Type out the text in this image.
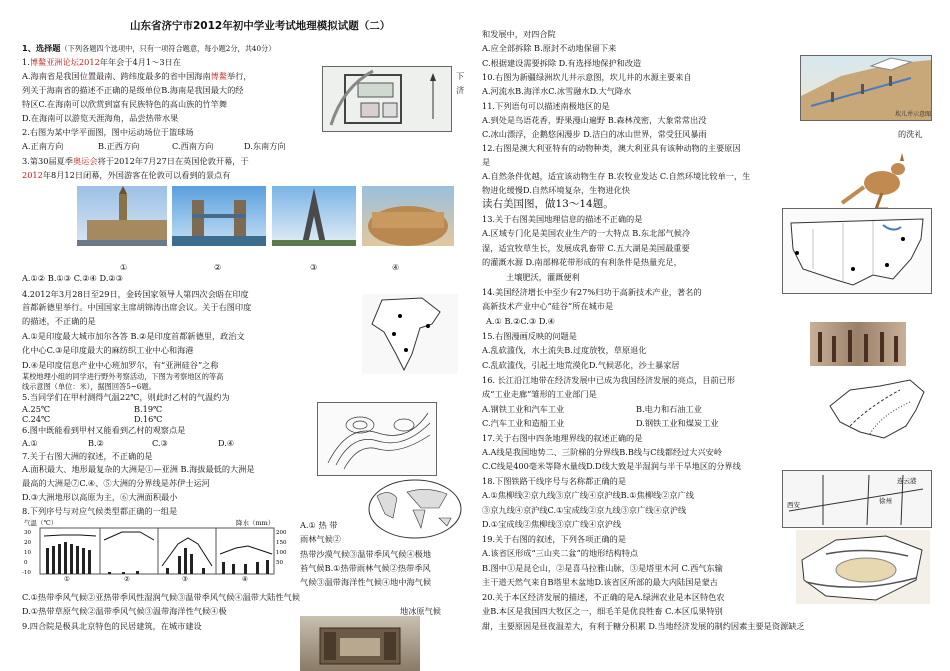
山东省济宁市2012年初中学业考试地理模拟试题（二）
1、选择题（下列各题四个选项中，只有一项符合题意，每小题2分，共40分）
1.博鳌亚洲论坛2012年年会于4月1～3日在
A.海南省是我国位置最南、跨纬度最多的省中国海南博鳌举行，	下
列关于海南省的描述不正确的是级单位B.海南是我国最大的经	济
特区C.在海南可以欣赏到富有民族特色的高山族的竹竿舞
D.在海南可以游览天涯海角，品尝热带水果
2.右图为某中学平面图，图中运动场位于篮球场
A.正南方向	B.正西方向	C.西南方向	D.东南方向
3.第30届夏季奥运会将于2012年7月27日在英国伦敦开幕，于
2012年8月12日闭幕，外国游客在伦敦可以看到的景点有
①	②	③	④
A.①② B.①③ C.②④ D.②③
4.2012年3月28日至29日，金砖国家领导人第四次会晤在印度
首都新德里举行。中国国家主席胡锦涛出席会议。关于右图印度
的描述，不正确的是
A.①是印度最大城市加尔各答 B.②是印度首都新德里，政治文
化中心C.③是印度最大的麻纺织工业中心和海港
D.④是印度信息产业中心班加罗尔，有“亚洲硅谷”之称
某校地理小组的同学进行野外考察活动，下图为考察地区的等高
线示意图（单位：米），据图回答5~6题。
5.当同学们在甲村测得气温22℃，则此时乙村的气温约为
A.25℃	B.19℃
C.24℃	D.16℃
6.图中既能看到甲村又能看到乙村的观察点是
A.①	B.②	C.③	D.④
7.关于右图大洲的叙述，不正确的是
A.面积最大、地形最复杂的大洲是①—亚洲 B.海拔最低的大洲是
最高的大洲是⑦C.④、⑤大洲的分界线是苏伊士运河
D.③大洲地形以高原为主，⑥大洲面积最小
8.下列序号与对应气候类型都正确的一组是
气温（℃）	降水（mm）
30
20
10
0
-10
200
150
100
50
①	②	③	④
A.① 热 带
雨林气候②
热带沙漠气候③温带季风气候④极地
苔气候B.①热带雨林气候②热带季风
气候③温带海洋性气候④地中海气候
C.①热带季风气候②亚热带季风性湿润气候③温带季风气候④温带大陆性气候
D.①热带草原气候②温带季风气候③温带海洋性气候④极	地冰原气候
9.四合院是极具北京特色的民居建筑，在城市建设
和发展中，对四合院
A.应全部拆除 B.原封不动地保留下来
C.根据建设需要拆除 D.有选择地保护和改造
坎儿井示意图
10.右图为新疆绿洲坎儿井示意图，坎儿井的水源主要来自
A.河流水B.海洋水C.冰雪融水D.大气降水
11.下列语句可以描述南极地区的是
A.到处是鸟语花香，野果漫山遍野 B.森林茂密，大象常常出没
C.冰山漂浮，企鹅悠闲漫步 D.洁白的冰山世界，常受狂风暴雨	的洗礼
12.右图是澳大利亚特有的动物种类，澳大利亚具有该种动物的主要原因
是
A.自然条件优越，适宜该动物生存 B.农牧业发达 C.自然环境比较单一，生
物进化缓慢D.自然环境复杂，生物进化快
读右美国图，做13～14题。
13.关于右图美国地理信息的描述不正确的是
A.区域专门化是美国农业生产的一大特点 B.东北部气候冷
湿，适宜牧草生长，发展成乳畜带 C.五大湖是美国最重要
的灌溉水源 D.南部棉花带形成的有利条件是热量充足，
土壤肥沃，灌溉便利
14.美国经济增长中至少有27%归功于高新技术产业，著名的
高新技术产业中心“硅谷”所在城市是
A.① B.②C.③ D.④
15.右图漫画反映的问题是
A.乱砍滥伐，水土流失B.过度放牧，草原退化
C.乱砍滥伐，引起土地荒漠化D.气候恶化，沙土暴家居
16. 长江沿江地带在经济发展中已成为我国经济发展的亮点，目前已形
成“工业走廊”雏形的工业部门是
A.钢铁工业和汽车工业	B.电力和石油工业
C.汽车工业和造船工业	D.钢铁工业和煤炭工业
17.关于右图中四条地理界线的叙述正确的是
A.A线是我国地势二、三阶梯的分界线B.B线与C线都经过大兴安岭
C.C线是400毫米等降水量线D.D线大致是半湿润与半干旱地区的分界线
18.下图铁路干线序号与名称都正确的是
A.①焦柳线②京九线③京广线④京沪线B.①焦柳线②京广线
③京九线④京沪线C.①宝成线②京九线③京广线④京沪线
D.①宝成线②焦柳线③京广线④京沪线
西安
连云港
徐州
19.关于右图的叙述，下列各项正确的是
A.该省区形成“三山夹二盆”的地形结构特点
B.图中①是昆仑山，②是喜马拉雅山脉，③是塔里木河 C.西气东输
主干道天然气来自B塔里木盆地D.该省区所部的最大内陆国是蒙古
20.关于本区经济发展的描述，不正确的是A.绿洲农业是本区特色农
业B.本区是我国四大牧区之一，细毛羊是优良牲畜 C.本区瓜果特别
甜，主要原因是昼夜温差大，有利于糖分积累 D.当地经济发展的制约因素主要是资源缺乏
